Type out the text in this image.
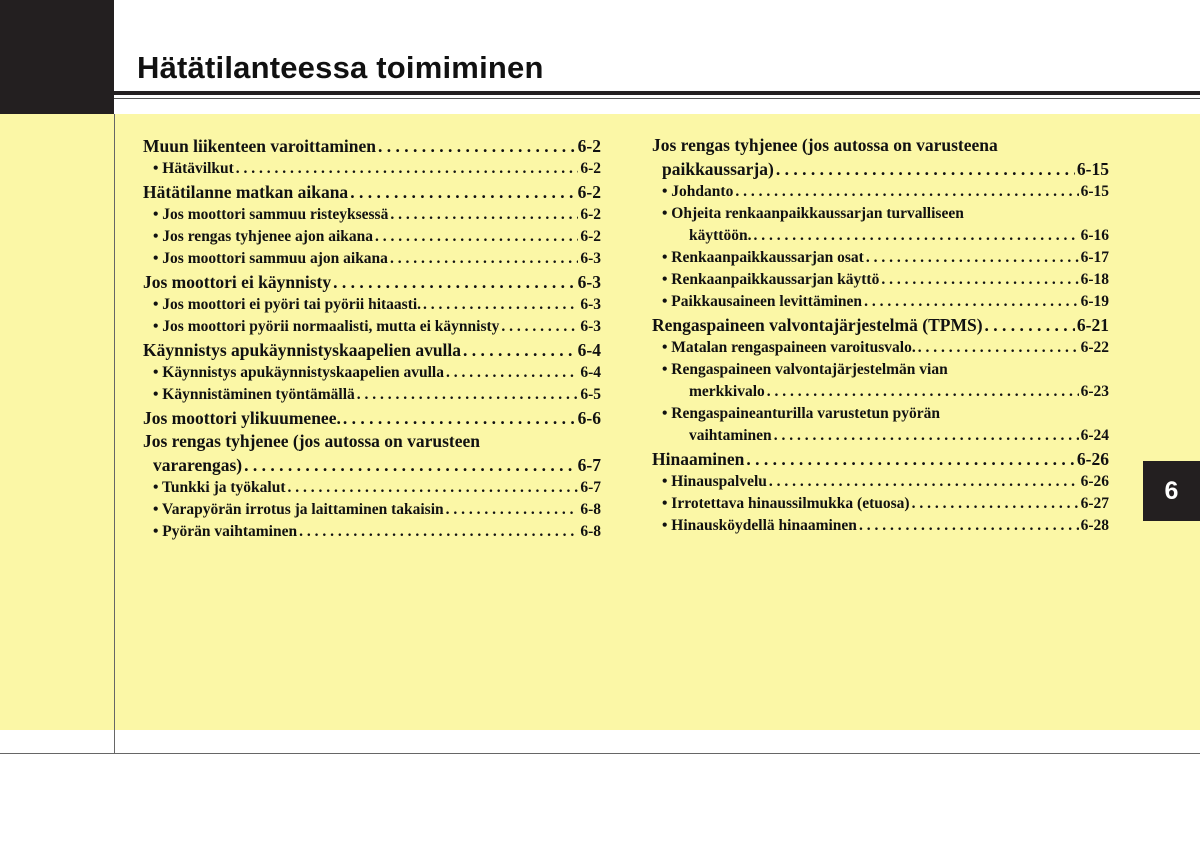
Hätätilanteessa toimiminen
6
Muun liikenteen varoittaminen . . .	6-2
• Hätävilkut . . .	6-2
Hätätilanne matkan aikana . . .	6-2
• Jos moottori sammuu risteyksessä . . .	6-2
• Jos rengas tyhjenee ajon aikana . . .	6-2
• Jos moottori sammuu ajon aikana . . .	6-3
Jos moottori ei käynnisty . . .	6-3
• Jos moottori ei pyöri tai pyörii hitaasti. . . .	6-3
• Jos moottori pyörii normaalisti, mutta ei käynnisty . . .	6-3
Käynnistys apukäynnistyskaapelien avulla . . .	6-4
• Käynnistys apukäynnistyskaapelien avulla . . .	6-4
• Käynnistäminen työntämällä . . .	6-5
Jos moottori ylikuumenee. . . .	6-6
Jos rengas tyhjenee (jos autossa on varusteen
vararengas) . . .	6-7
• Tunkki ja työkalut . . .	6-7
• Varapyörän irrotus ja laittaminen takaisin . . .	6-8
• Pyörän vaihtaminen . . .	6-8
Jos rengas tyhjenee (jos autossa on varusteena
paikkaussarja) . . .	6-15
• Johdanto . . .	6-15
• Ohjeita renkaanpaikkaussarjan turvalliseen
käyttöön. . . .	6-16
• Renkaanpaikkaussarjan osat . . .	6-17
• Renkaanpaikkaussarjan käyttö . . .	6-18
• Paikkausaineen levittäminen . . .	6-19
Rengaspaineen valvontajärjestelmä (TPMS) . . .	6-21
• Matalan rengaspaineen varoitusvalo. . . .	6-22
• Rengaspaineen valvontajärjestelmän vian
merkkivalo . . .	6-23
• Rengaspaineanturilla varustetun pyörän
vaihtaminen . . .	6-24
Hinaaminen . . .	6-26
• Hinauspalvelu . . .	6-26
• Irrotettava hinaussilmukka (etuosa) . . .	6-27
• Hinausköydellä hinaaminen . . .	6-28
